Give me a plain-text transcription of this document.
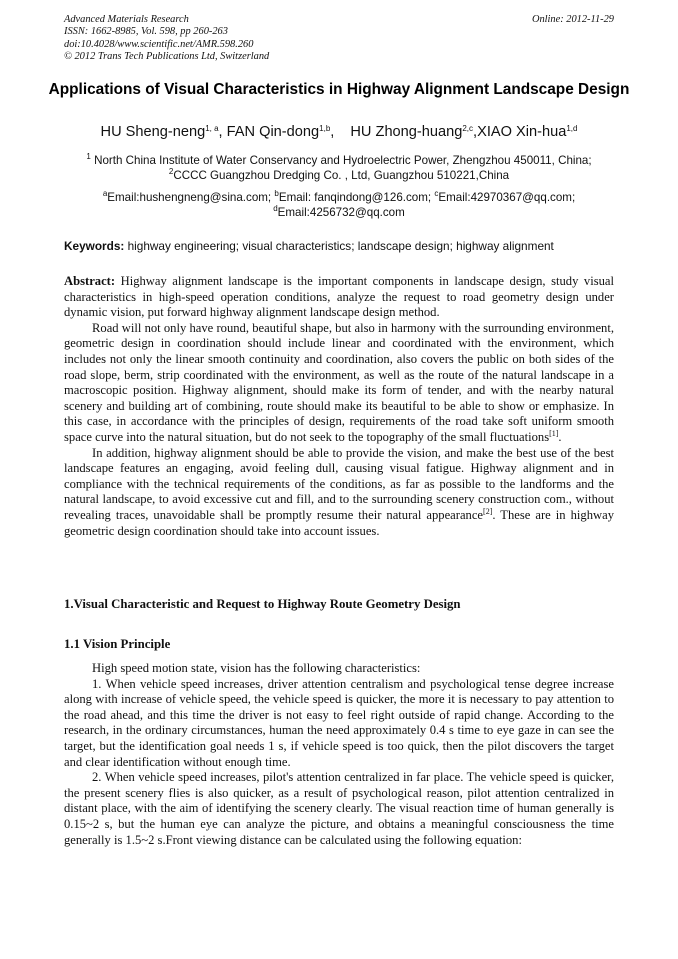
Advanced Materials Research
ISSN: 1662-8985, Vol. 598, pp 260-263
doi:10.4028/www.scientific.net/AMR.598.260
© 2012 Trans Tech Publications Ltd, Switzerland
Online: 2012-11-29
Applications of Visual Characteristics in Highway Alignment Landscape Design
HU Sheng-neng$^{1, a}$, FAN Qin-dong$^{1,b}$, HU Zhong-huang$^{2,c}$,XIAO Xin-hua$^{1,d}$
$^1$ North China Institute of Water Conservancy and Hydroelectric Power, Zhengzhou 450011, China;
$^2$CCCC Guangzhou Dredging Co. , Ltd, Guangzhou 510221,China
$^a$Email:hushengneng@sina.com; $^b$Email: fanqindong@126.com; $^c$Email:42970367@qq.com;
$^d$Email:4256732@qq.com
Keywords: highway engineering; visual characteristics; landscape design; highway alignment

Abstract: Highway alignment landscape is the important components in landscape design, study visual characteristics in high-speed operation conditions, analyze the request to road geometry design under dynamic vision, put forward highway alignment landscape design method.

Road will not only have round, beautiful shape, but also in harmony with the surrounding environment, geometric design in coordination should include linear and coordinated with the environment, which includes not only the linear smooth continuity and coordination, also covers the public on both sides of the road slope, berm, strip coordinated with the environment, as well as the route of the natural landscape in a macroscopic position. Highway alignment, should make its form of tender, and with the nearby natural scenery and building art of combining, route should make its beautiful to be able to show or emphasize. In this case, in accordance with the principles of design, requirements of the road take soft uniform smooth space curve into the natural situation, but do not seek to the topography of the small fluctuations[1].

In addition, highway alignment should be able to provide the vision, and make the best use of the best landscape features an engaging, avoid feeling dull, causing visual fatigue. Highway alignment and in compliance with the technical requirements of the conditions, as far as possible to the landforms and the natural landscape, to avoid excessive cut and fill, and to the surrounding scenery construction com., without revealing traces, unavoidable shall be promptly resume their natural appearance[2]. These are in highway geometric design coordination should take into account issues.

1.Visual Characteristic and Request to Highway Route Geometry Design
1.1 Vision Principle

High speed motion state, vision has the following characteristics:

1. When vehicle speed increases, driver attention centralism and psychological tense degree increase along with increase of vehicle speed, the vehicle speed is quicker, the more it is necessary to pay attention to the road ahead, and this time the driver is not easy to feel right outside of rapid change. According to the research, in the ordinary circumstances, human the need approximately 0.4 s time to eye gaze in can see the target, but the identification goal needs 1 s, if vehicle speed is too quick, then the pilot discovers the target and clear identification without enough time.

2. When vehicle speed increases, pilot's attention centralized in far place. The vehicle speed is quicker, the present scenery flies is also quicker, as a result of psychological reason, pilot attention centralized in distant place, with the aim of identifying the scenery clearly. The visual reaction time of human generally is 0.15~2 s, but the human eye can analyze the picture, and obtains a meaningful consciousness the time generally is 1.5~2 s.Front viewing distance can be calculated using the following equation:
